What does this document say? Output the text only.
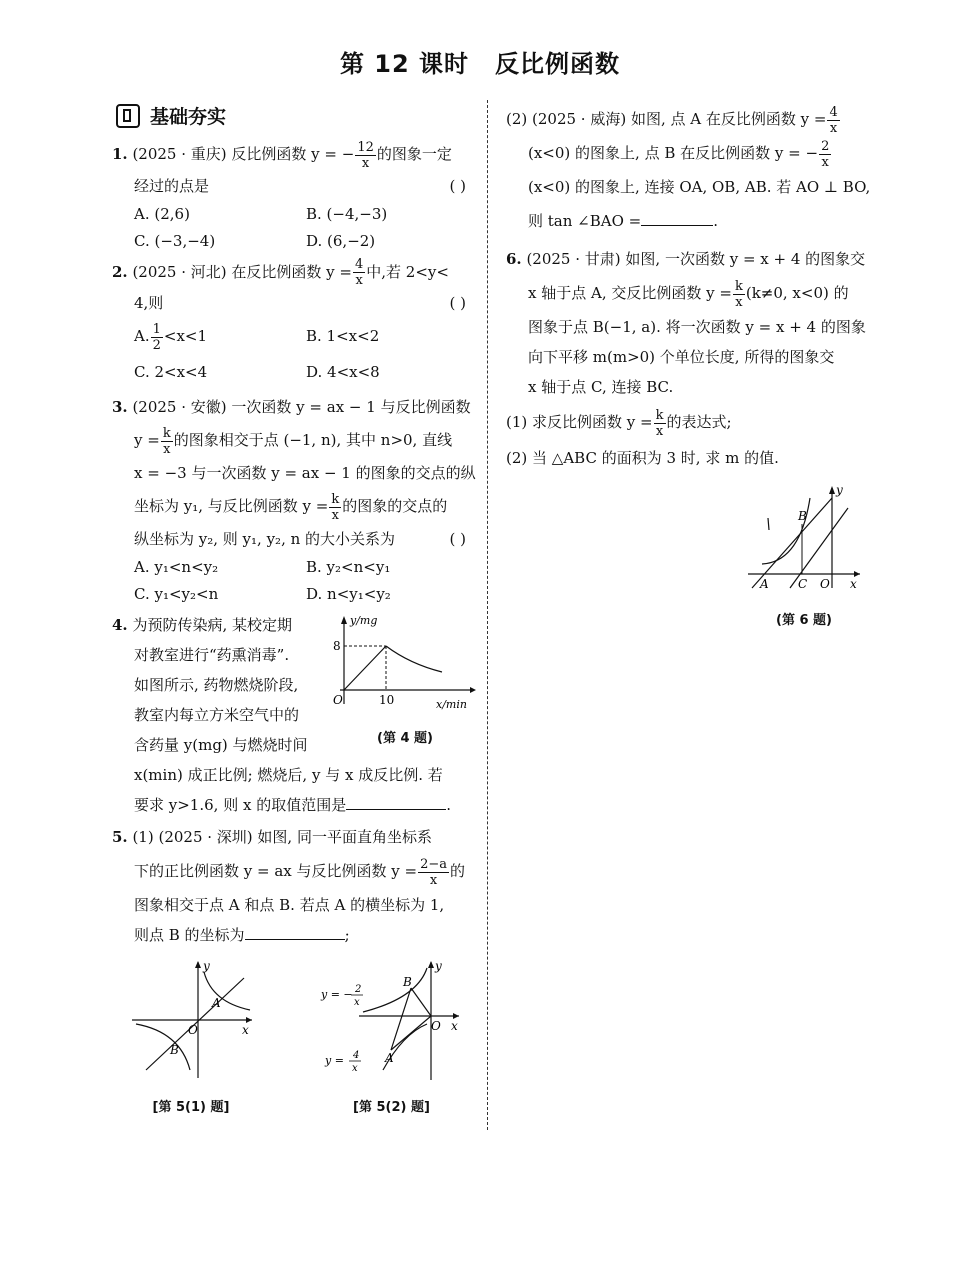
第 12 课时 反比例函数
基础夯实
1. (2025 · 重庆) 反比例函数 y = − $\frac{12}{x}$ 的图象一定
经过的点是	( )
A. (2,6)	B. (−4,−3)
C. (−3,−4)	D. (6,−2)
2. (2025 · 河北) 在反比例函数 $y = \frac{4}{x}$ 中,若 2<y<
4,则	( )
A. $\frac{1}{2} <x<1$	B. 1<x<2
C. 2<x<4	D. 4<x<8
3. (2025 · 安徽) 一次函数 y = ax − 1 与反比例函数
$y = \frac{k}{x}$ 的图象相交于点 (−1, n), 其中 n>0, 直线
x = −3 与一次函数 y = ax − 1 的图象的交点的纵
坐标为 y₁, 与反比例函数 $y = \frac{k}{x}$ 的图象的交点的
纵坐标为 y₂, 则 y₁, y₂, n 的大小关系为	( )
A. y₁<n<y₂	B. y₂<n<y₁
C. y₁<y₂<n	D. n<y₁<y₂
4. 为预防传染病, 某校定期
对教室进行“药熏消毒”.
如图所示, 药物燃烧阶段,
教室内每立方米空气中的
含药量 y(mg) 与燃烧时间
x(min) 成正比例; 燃烧后, y 与 x 成反比例. 若
要求 y>1.6, 则 x 的取值范围是	.
y/mg
8
O	10	x/min
(第 4 题)
5. (1) (2025 · 深圳) 如图, 同一平面直角坐标系
下的正比例函数 y = ax 与反比例函数 $y = \frac{2-a}{x}$ 的
图象相交于点 A 和点 B. 若点 A 的横坐标为 1,
则点 B 的坐标为	;
y
A
O	x
B
[第 5(1) 题]
y
B
O x
A
y = − 2
x
y = 4
x
[第 5(2) 题]
(2) (2025 · 威海) 如图, 点 A 在反比例函数 $y = \frac{4}{x}$
(x<0) 的图象上, 点 B 在反比例函数 y = − $\frac{2}{x}$
(x<0) 的图象上, 连接 OA, OB, AB. 若 AO ⊥ BO,
则 tan ∠BAO =	.
6. (2025 · 甘肃) 如图, 一次函数 y = x + 4 的图象交
x 轴于点 A, 交反比例函数 $y = \frac{k}{x} (k\ne 0$, x<0) 的
图象于点 B(−1, a). 将一次函数 y = x + 4 的图象
向下平移 m(m>0) 个单位长度, 所得的图象交
x 轴于点 C, 连接 BC.
(1) 求反比例函数 $y = \frac{k}{x}$ 的表达式;
(2) 当 △ABC 的面积为 3 时, 求 m 的值.
y
B
A C O x
(第 6 题)
